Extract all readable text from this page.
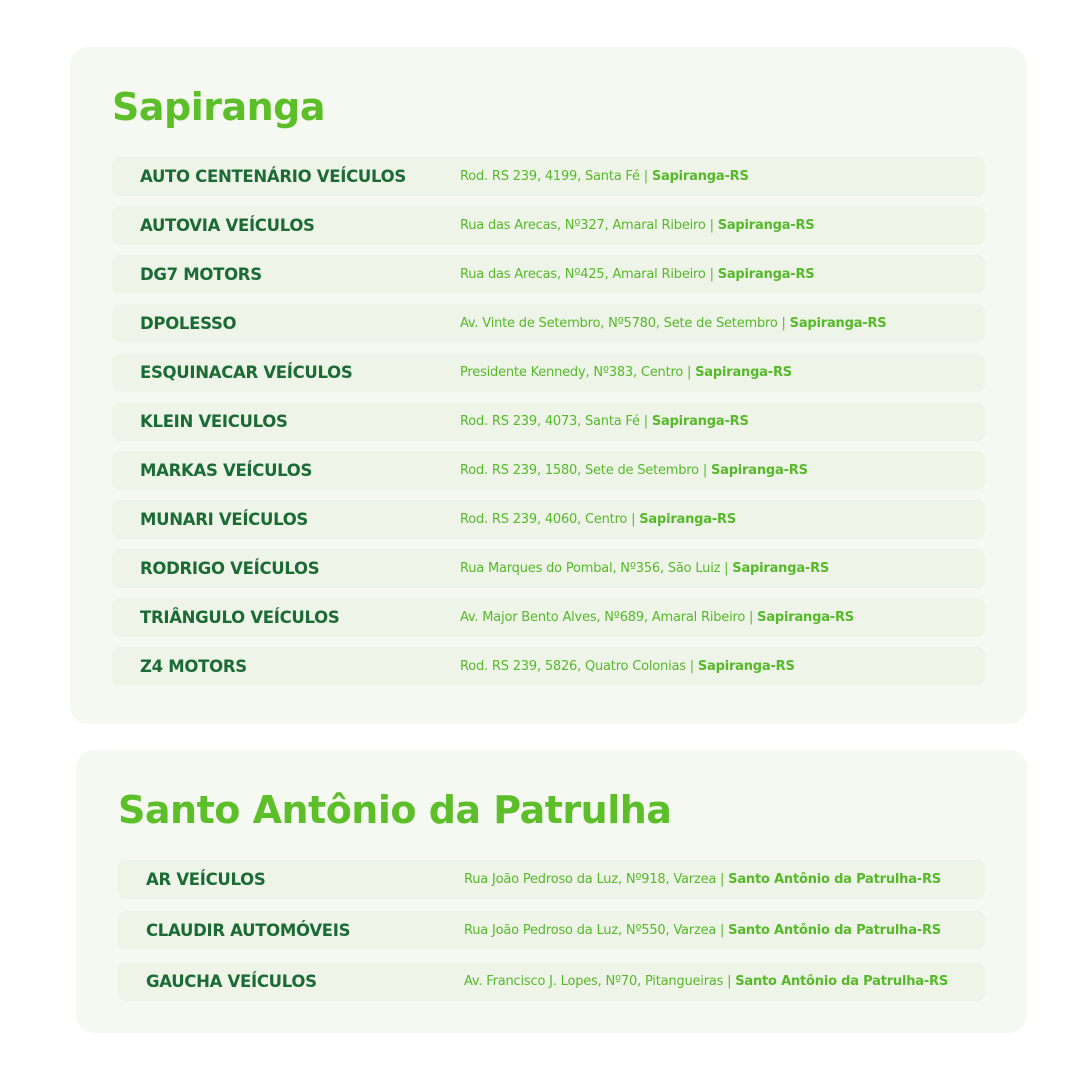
Sapiranga
AUTO CENTENÁRIO VEÍCULOS	Rod. RS 239, 4199, Santa Fé | Sapiranga-RS
AUTOVIA VEÍCULOS	Rua das Arecas, Nº327, Amaral Ribeiro | Sapiranga-RS
DG7 MOTORS	Rua das Arecas, Nº425, Amaral Ribeiro | Sapiranga-RS
DPOLESSO	Av. Vinte de Setembro, Nº5780, Sete de Setembro | Sapiranga-RS
ESQUINACAR VEÍCULOS	Presidente Kennedy, Nº383, Centro | Sapiranga-RS
KLEIN VEICULOS	Rod. RS 239, 4073, Santa Fé | Sapiranga-RS
MARKAS VEÍCULOS	Rod. RS 239, 1580, Sete de Setembro | Sapiranga-RS
MUNARI VEÍCULOS	Rod. RS 239, 4060, Centro | Sapiranga-RS
RODRIGO VEÍCULOS	Rua Marques do Pombal, Nº356, São Luiz | Sapiranga-RS
TRIÂNGULO VEÍCULOS	Av. Major Bento Alves, Nº689, Amaral Ribeiro | Sapiranga-RS
Z4 MOTORS	Rod. RS 239, 5826, Quatro Colonias | Sapiranga-RS
Santo Antônio da Patrulha
AR VEÍCULOS	Rua João Pedroso da Luz, Nº918, Varzea | Santo Antônio da Patrulha-RS
CLAUDIR AUTOMÓVEIS	Rua João Pedroso da Luz, Nº550, Varzea | Santo Antônio da Patrulha-RS
GAUCHA VEÍCULOS	Av. Francisco J. Lopes, Nº70, Pitangueiras | Santo Antônio da Patrulha-RS
